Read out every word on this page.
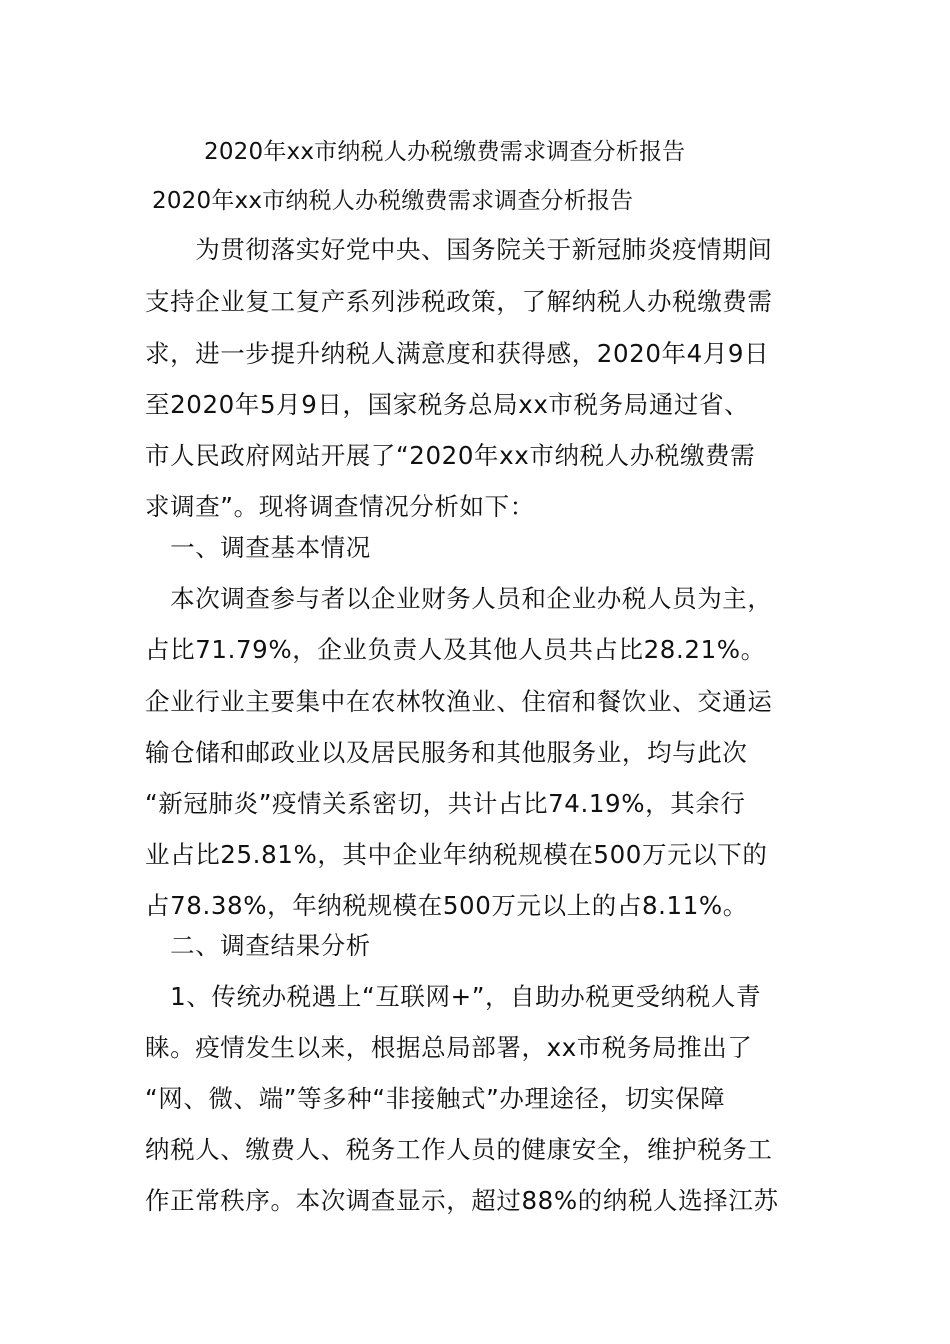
2020年xx市纳税人办税缴费需求调查分析报告
2020年xx市纳税人办税缴费需求调查分析报告
　　为贯彻落实好党中央、国务院关于新冠肺炎疫情期间
支持企业复工复产系列涉税政策，了解纳税人办税缴费需
求，进一步提升纳税人满意度和获得感，2020年4月9日
至2020年5月9日，国家税务总局xx市税务局通过省、
市人民政府网站开展了“2020年xx市纳税人办税缴费需
求调查”。现将调查情况分析如下：
　一、调查基本情况
　本次调查参与者以企业财务人员和企业办税人员为主，
占比71.79%，企业负责人及其他人员共占比28.21%。
企业行业主要集中在农林牧渔业、住宿和餐饮业、交通运
输仓储和邮政业以及居民服务和其他服务业，均与此次
“新冠肺炎”疫情关系密切，共计占比74.19%，其余行
业占比25.81%，其中企业年纳税规模在500万元以下的
占78.38%，年纳税规模在500万元以上的占8.11%。
　二、调查结果分析
　1、传统办税遇上“互联网+”，自助办税更受纳税人青
睐。疫情发生以来，根据总局部署，xx市税务局推出了
“网、微、端”等多种“非接触式”办理途径，切实保障
纳税人、缴费人、税务工作人员的健康安全，维护税务工
作正常秩序。本次调查显示，超过88%的纳税人选择江苏
